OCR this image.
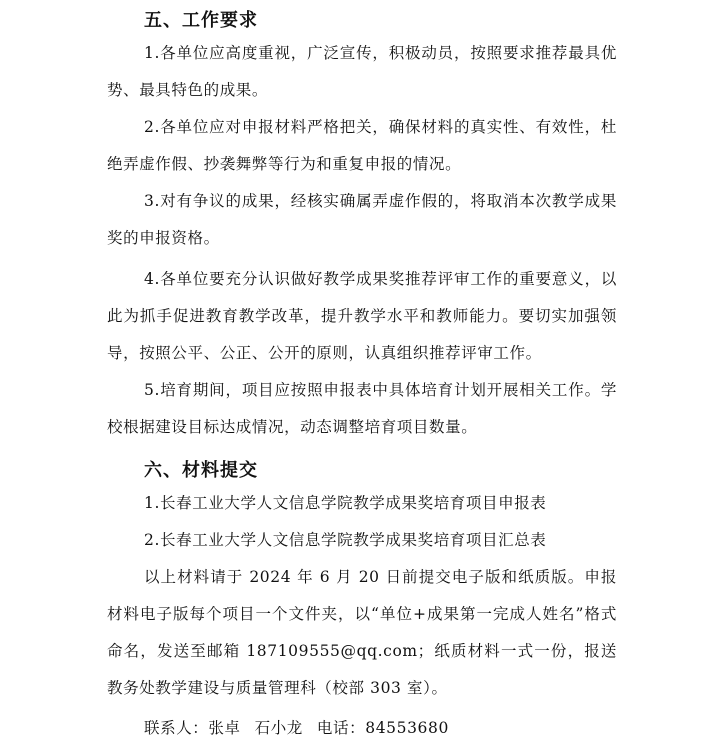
五、工作要求

1.各单位应高度重视，广泛宣传，积极动员，按照要求推荐最具优势、最具特色的成果。

2.各单位应对申报材料严格把关，确保材料的真实性、有效性，杜绝弄虚作假、抄袭舞弊等行为和重复申报的情况。

3.对有争议的成果，经核实确属弄虚作假的，将取消本次教学成果奖的申报资格。

4.各单位要充分认识做好教学成果奖推荐评审工作的重要意义，以此为抓手促进教育教学改革，提升教学水平和教师能力。要切实加强领导，按照公平、公正、公开的原则，认真组织推荐评审工作。

5.培育期间，项目应按照申报表中具体培育计划开展相关工作。学校根据建设目标达成情况，动态调整培育项目数量。

六、材料提交

1.长春工业大学人文信息学院教学成果奖培育项目申报表

2.长春工业大学人文信息学院教学成果奖培育项目汇总表

以上材料请于 2024 年 6 月 20 日前提交电子版和纸质版。申报材料电子版每个项目一个文件夹，以“单位+成果第一完成人姓名”格式命名，发送至邮箱 187109555@qq.com；纸质材料一式一份，报送教务处教学建设与质量管理科（校部 303 室）。

联系人：张卓 石小龙 电话：84553680
